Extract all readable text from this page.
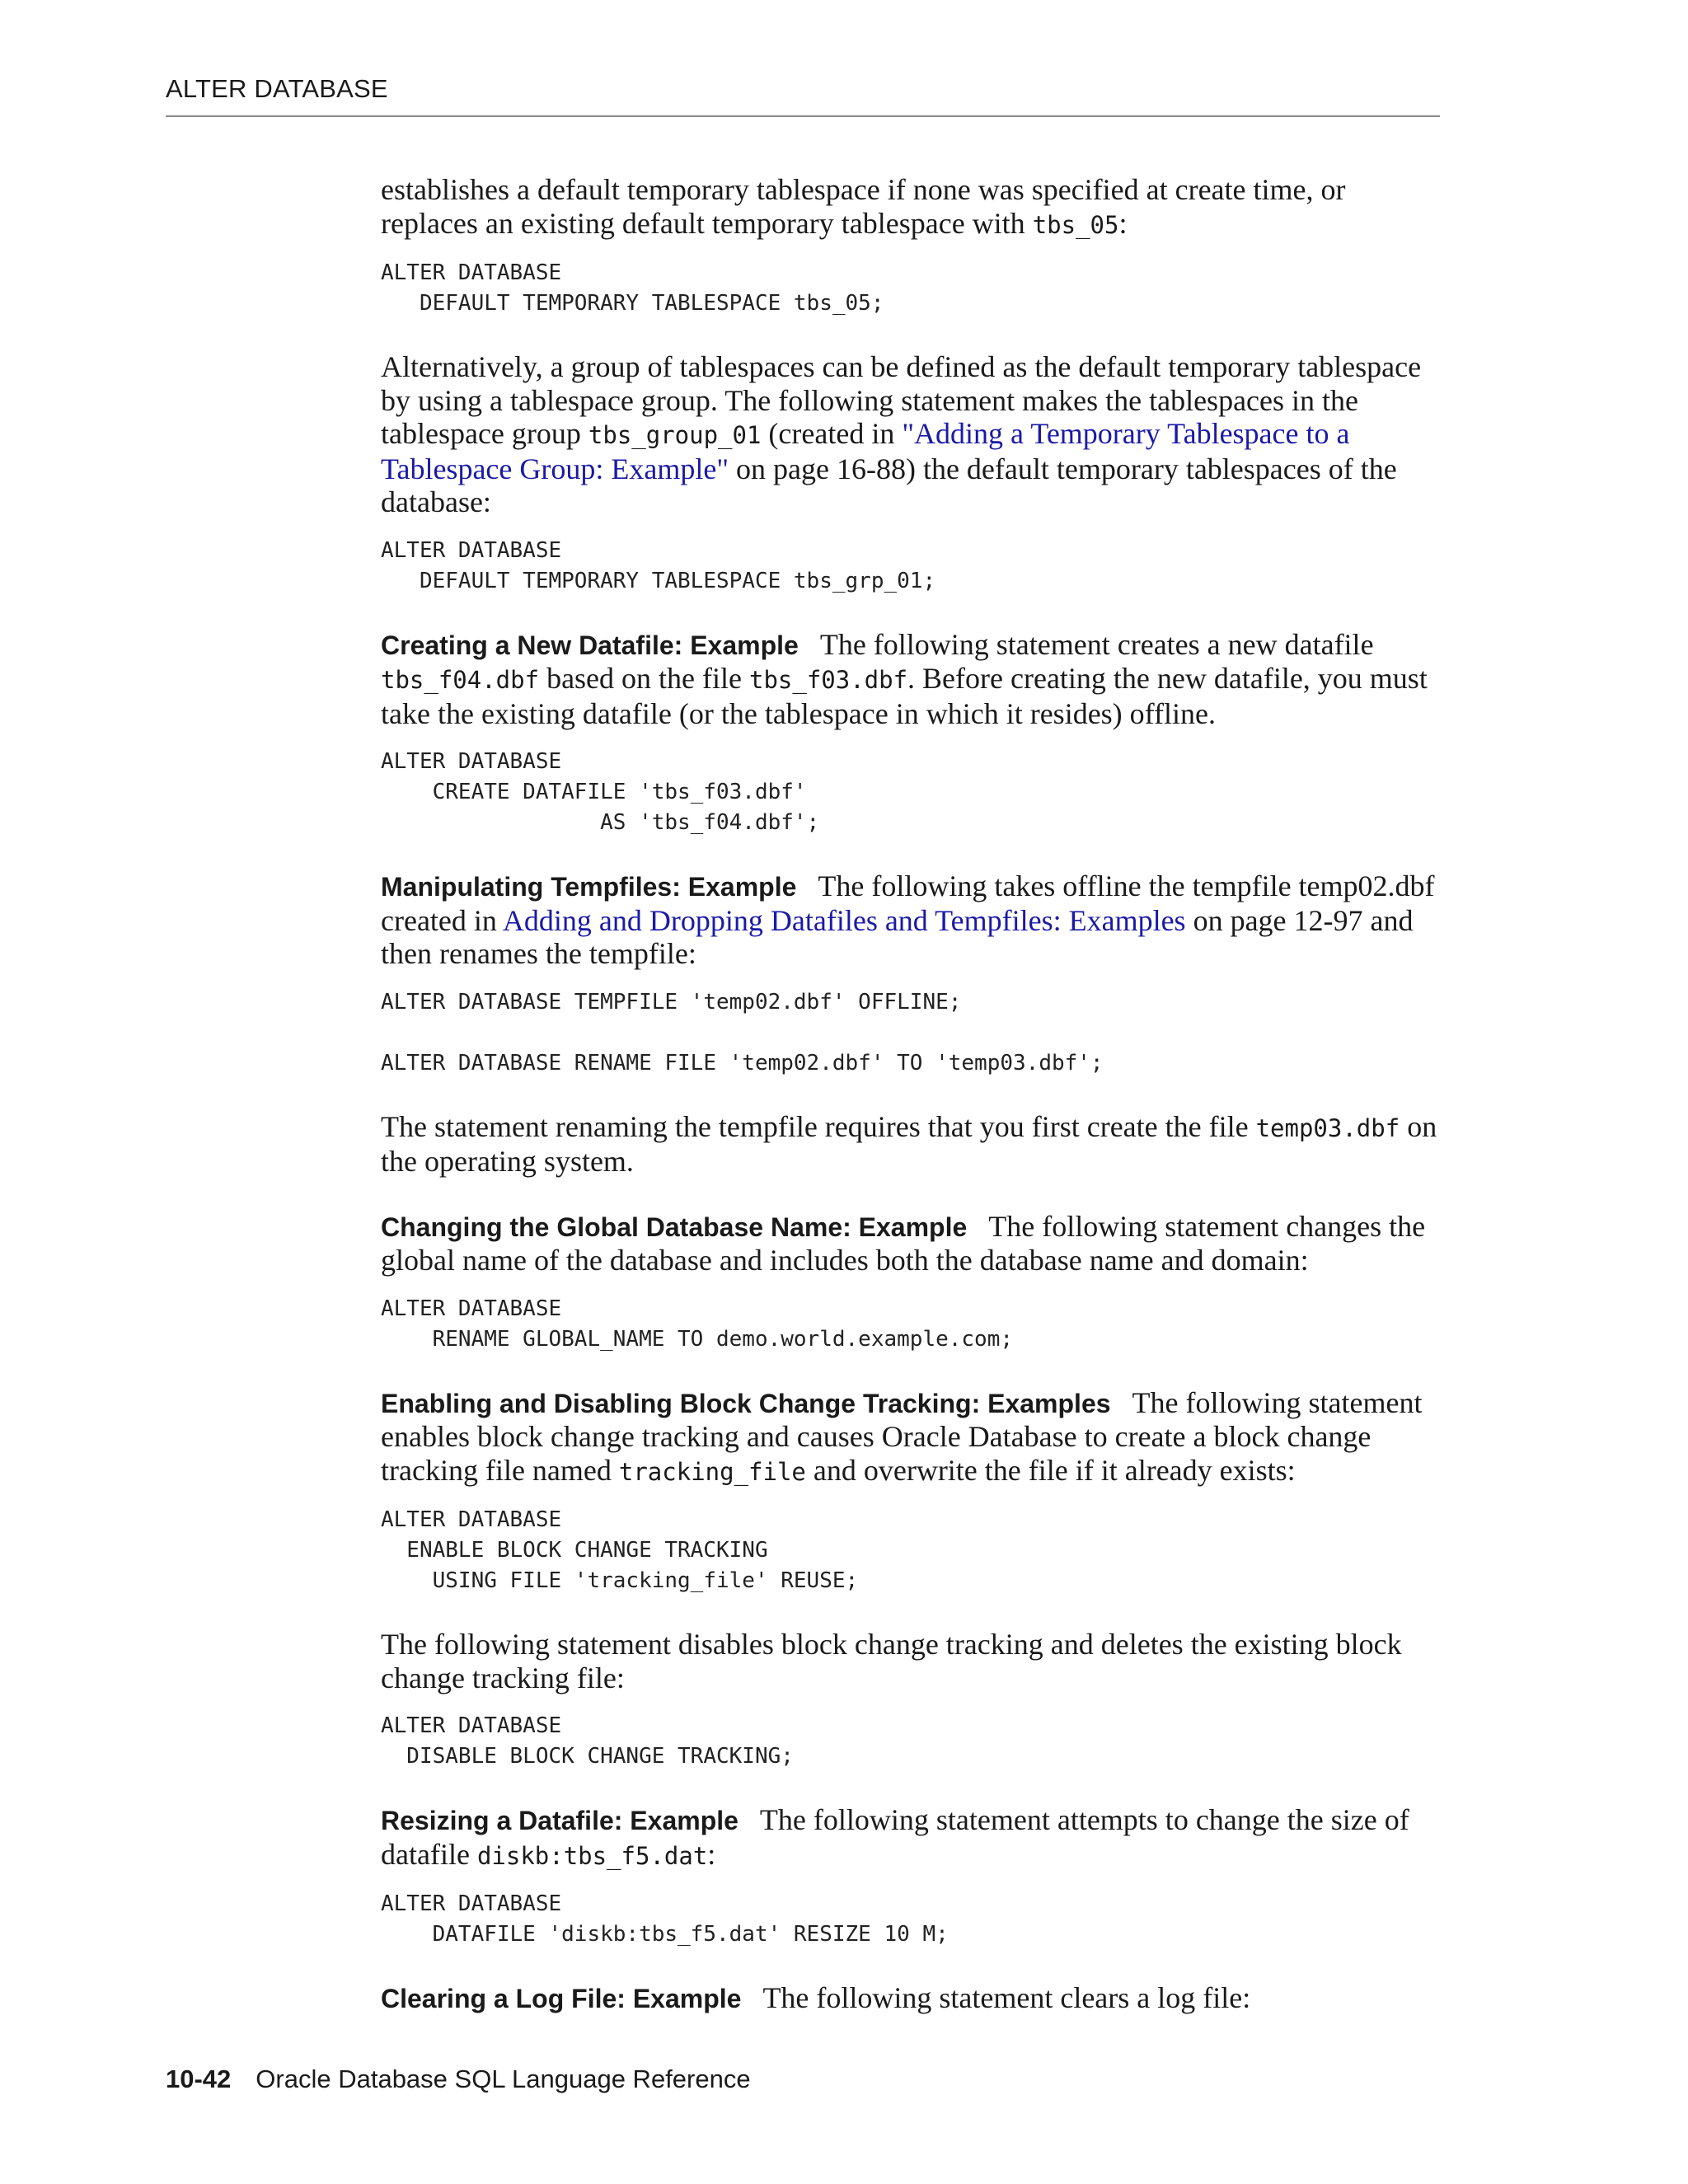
ALTER DATABASE

establishes a default temporary tablespace if none was specified at create time, or replaces an existing default temporary tablespace with tbs_05:

ALTER DATABASE
DEFAULT TEMPORARY TABLESPACE tbs_05;

Alternatively, a group of tablespaces can be defined as the default temporary tablespace by using a tablespace group. The following statement makes the tablespaces in the tablespace group tbs_group_01 (created in "Adding a Temporary Tablespace to a Tablespace Group: Example" on page 16-88) the default temporary tablespaces of the database:

ALTER DATABASE
DEFAULT TEMPORARY TABLESPACE tbs_grp_01;

Creating a New Datafile: Example The following statement creates a new datafile tbs_f04.dbf based on the file tbs_f03.dbf. Before creating the new datafile, you must take the existing datafile (or the tablespace in which it resides) offline.

ALTER DATABASE
CREATE DATAFILE 'tbs_f03.dbf'
AS 'tbs_f04.dbf';

Manipulating Tempfiles: Example The following takes offline the tempfile temp02.dbf created in Adding and Dropping Datafiles and Tempfiles: Examples on page 12-97 and then renames the tempfile:

ALTER DATABASE TEMPFILE 'temp02.dbf' OFFLINE;

ALTER DATABASE RENAME FILE 'temp02.dbf' TO 'temp03.dbf';

The statement renaming the tempfile requires that you first create the file temp03.dbf on the operating system.

Changing the Global Database Name: Example The following statement changes the global name of the database and includes both the database name and domain:

ALTER DATABASE
RENAME GLOBAL_NAME TO demo.world.example.com;

Enabling and Disabling Block Change Tracking: Examples The following statement enables block change tracking and causes Oracle Database to create a block change tracking file named tracking_file and overwrite the file if it already exists:

ALTER DATABASE
ENABLE BLOCK CHANGE TRACKING
USING FILE 'tracking_file' REUSE;

The following statement disables block change tracking and deletes the existing block change tracking file:

ALTER DATABASE
DISABLE BLOCK CHANGE TRACKING;

Resizing a Datafile: Example The following statement attempts to change the size of datafile diskb:tbs_f5.dat:

ALTER DATABASE
DATAFILE 'diskb:tbs_f5.dat' RESIZE 10 M;

Clearing a Log File: Example The following statement clears a log file:

10-42 Oracle Database SQL Language Reference
